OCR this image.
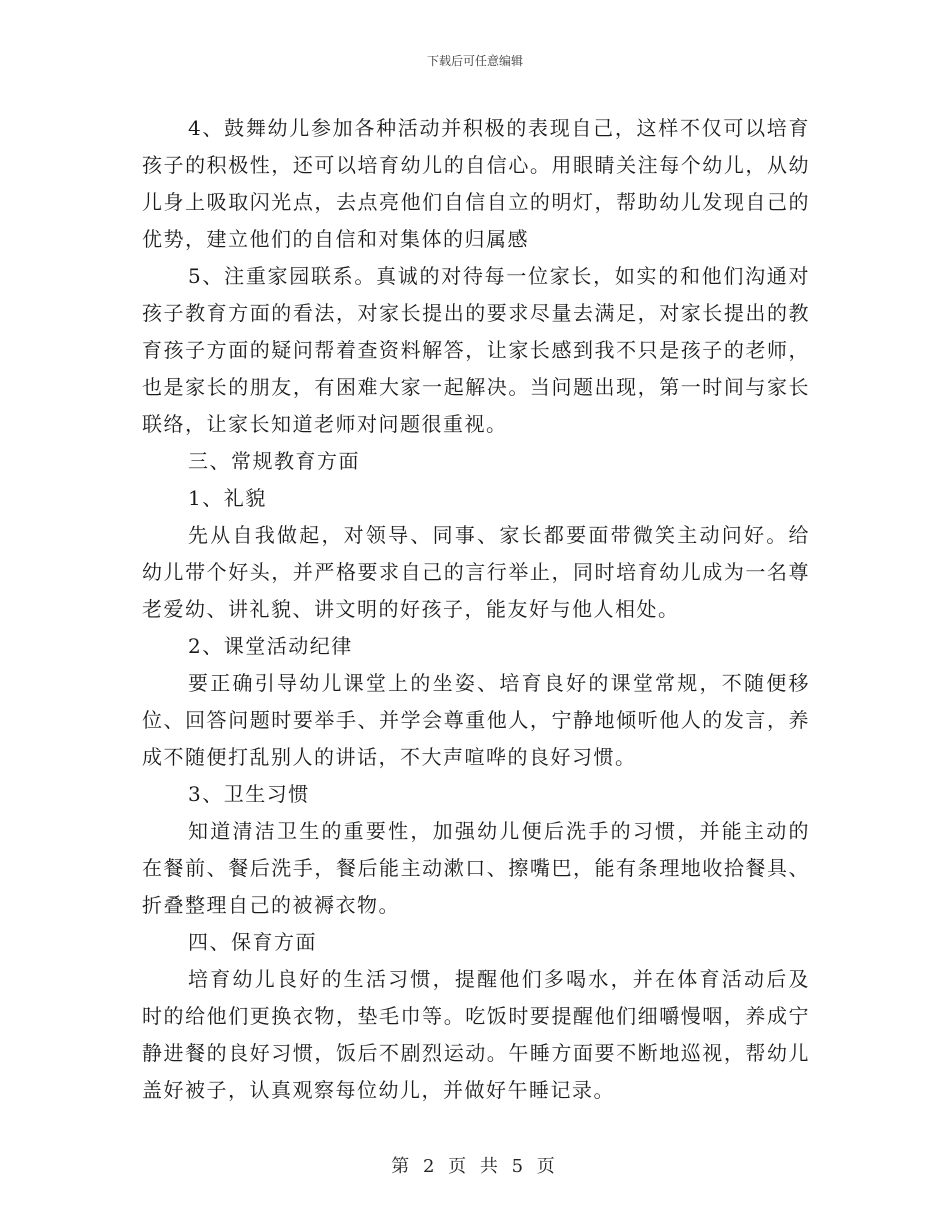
下载后可任意编辑

4、鼓舞幼儿参加各种活动并积极的表现自己，这样不仅可以培育孩子的积极性，还可以培育幼儿的自信心。用眼睛关注每个幼儿，从幼儿身上吸取闪光点，去点亮他们自信自立的明灯，帮助幼儿发现自己的优势，建立他们的自信和对集体的归属感

5、注重家园联系。真诚的对待每一位家长，如实的和他们沟通对孩子教育方面的看法，对家长提出的要求尽量去满足，对家长提出的教育孩子方面的疑问帮着查资料解答，让家长感到我不只是孩子的老师，也是家长的朋友，有困难大家一起解决。当问题出现，第一时间与家长联络，让家长知道老师对问题很重视。

三、常规教育方面

1、礼貌

先从自我做起，对领导、同事、家长都要面带微笑主动问好。给幼儿带个好头，并严格要求自己的言行举止，同时培育幼儿成为一名尊老爱幼、讲礼貌、讲文明的好孩子，能友好与他人相处。

2、课堂活动纪律

要正确引导幼儿课堂上的坐姿、培育良好的课堂常规，不随便移位、回答问题时要举手、并学会尊重他人，宁静地倾听他人的发言，养成不随便打乱别人的讲话，不大声喧哗的良好习惯。

3、卫生习惯

知道清洁卫生的重要性，加强幼儿便后洗手的习惯，并能主动的在餐前、餐后洗手，餐后能主动漱口、擦嘴巴，能有条理地收拾餐具、折叠整理自己的被褥衣物。

四、保育方面

培育幼儿良好的生活习惯，提醒他们多喝水，并在体育活动后及时的给他们更换衣物，垫毛巾等。吃饭时要提醒他们细嚼慢咽，养成宁静进餐的良好习惯，饭后不剧烈运动。午睡方面要不断地巡视，帮幼儿盖好被子，认真观察每位幼儿，并做好午睡记录。

第 2 页 共 5 页
